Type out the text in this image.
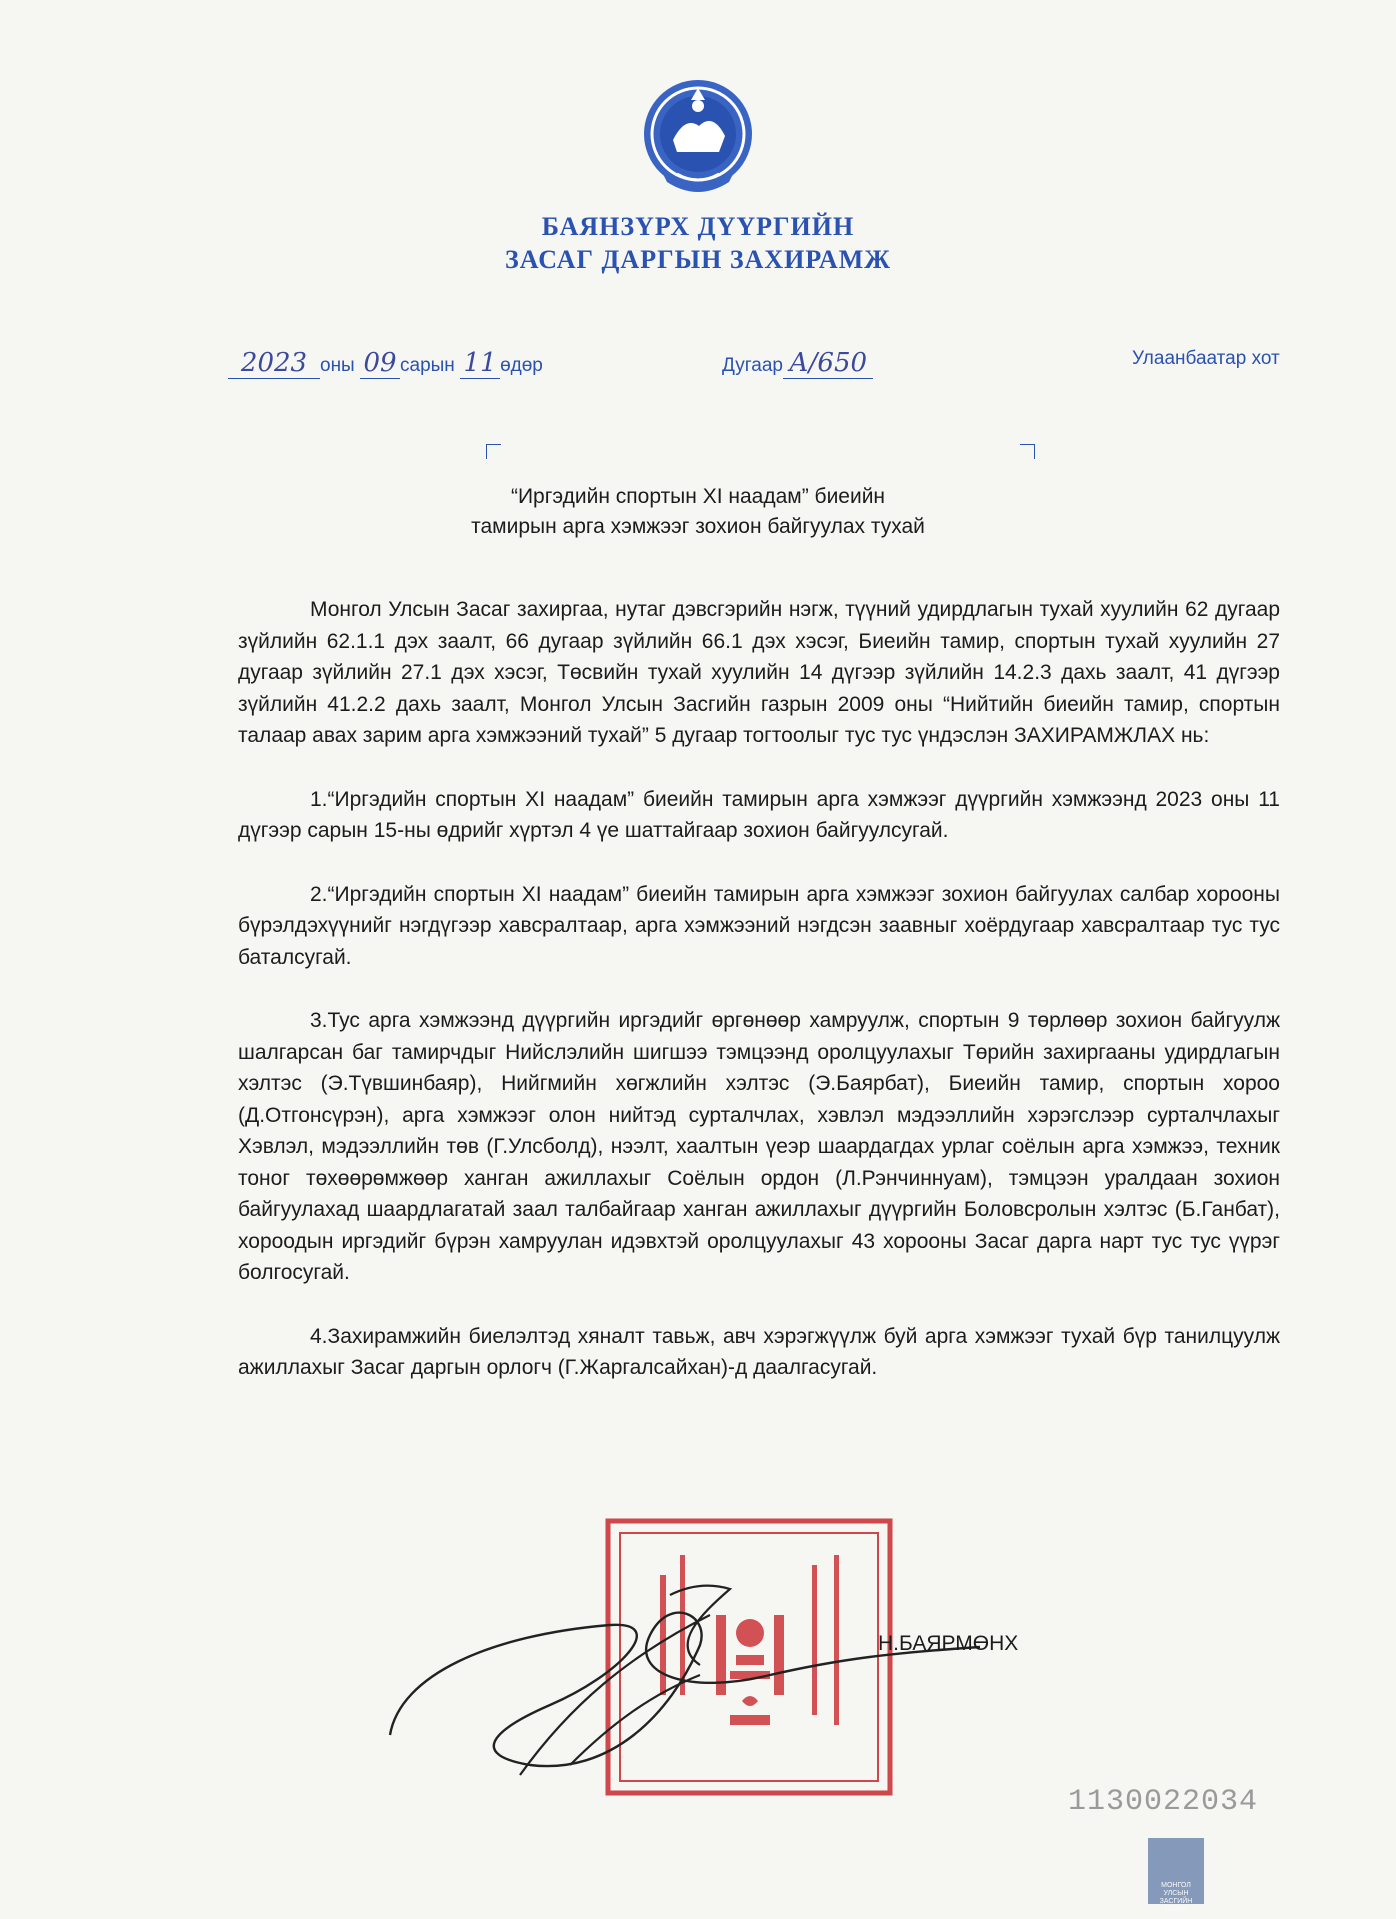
БАЯНЗҮРХ ДҮҮРГИЙН
ЗАСАГ ДАРГЫН ЗАХИРАМЖ
2023 оны 09 сарын 11 өдөр	Дугаар А/650	Улаанбаатар хот
“Иргэдийн спортын XI наадам” биеийн
тамирын арга хэмжээг зохион байгуулах тухай

Монгол Улсын Засаг захиргаа, нутаг дэвсгэрийн нэгж, түүний удирдлагын тухай хуулийн 62 дугаар зүйлийн 62.1.1 дэх заалт, 66 дугаар зүйлийн 66.1 дэх хэсэг, Биеийн тамир, спортын тухай хуулийн 27 дугаар зүйлийн 27.1 дэх хэсэг, Төсвийн тухай хуулийн 14 дүгээр зүйлийн 14.2.3 дахь заалт, 41 дүгээр зүйлийн 41.2.2 дахь заалт, Монгол Улсын Засгийн газрын 2009 оны “Нийтийн биеийн тамир, спортын талаар авах зарим арга хэмжээний тухай” 5 дугаар тогтоолыг тус тус үндэслэн ЗАХИРАМЖЛАХ нь:

1.“Иргэдийн спортын XI наадам” биеийн тамирын арга хэмжээг дүүргийн хэмжээнд 2023 оны 11 дүгээр сарын 15-ны өдрийг хүртэл 4 үе шаттайгаар зохион байгуулсугай.

2.“Иргэдийн спортын XI наадам” биеийн тамирын арга хэмжээг зохион байгуулах салбар хорооны бүрэлдэхүүнийг нэгдүгээр хавсралтаар, арга хэмжээний нэгдсэн заавныг хоёрдугаар хавсралтаар тус тус баталсугай.

3.Тус арга хэмжээнд дүүргийн иргэдийг өргөнөөр хамруулж, спортын 9 төрлөөр зохион байгуулж шалгарсан баг тамирчдыг Нийслэлийн шигшээ тэмцээнд оролцуулахыг Төрийн захиргааны удирдлагын хэлтэс (Э.Түвшинбаяр), Нийгмийн хөгжлийн хэлтэс (Э.Баярбат), Биеийн тамир, спортын хороо (Д.Отгонсүрэн), арга хэмжээг олон нийтэд сурталчлах, хэвлэл мэдээллийн хэрэгслээр сурталчлахыг Хэвлэл, мэдээллийн төв (Г.Улсболд), нээлт, хаалтын үеэр шаардагдах урлаг соёлын арга хэмжээ, техник тоног төхөөрөмжөөр хангaн ажиллахыг Соёлын ордон (Л.Рэнчиннyaм), тэмцээн уралдаан зохион байгуулахад шаардлагатай заал талбайгаар хангaн ажиллахыг дүүргийн Боловсролын хэлтэс (Б.Ганбат), хороодын иргэдийг бүрэн хамруулан идэвхтэй оролцуулахыг 43 хорооны Засаг дарга нарт тус тус үүрэг болгосугай.

4.Захирамжийн биелэлтэд хяналт тавьж, авч хэрэгжүүлж буй арга хэмжээг тухай бүр танилцуулж ажиллахыг Засаг даргын орлогч (Г.Жаргалсайхан)-д даалгасугай.

Н.БАЯРМӨНХ
1130022034
МОНГОЛ УЛСЫН
ЗАСГИЙН ГАЗАР
